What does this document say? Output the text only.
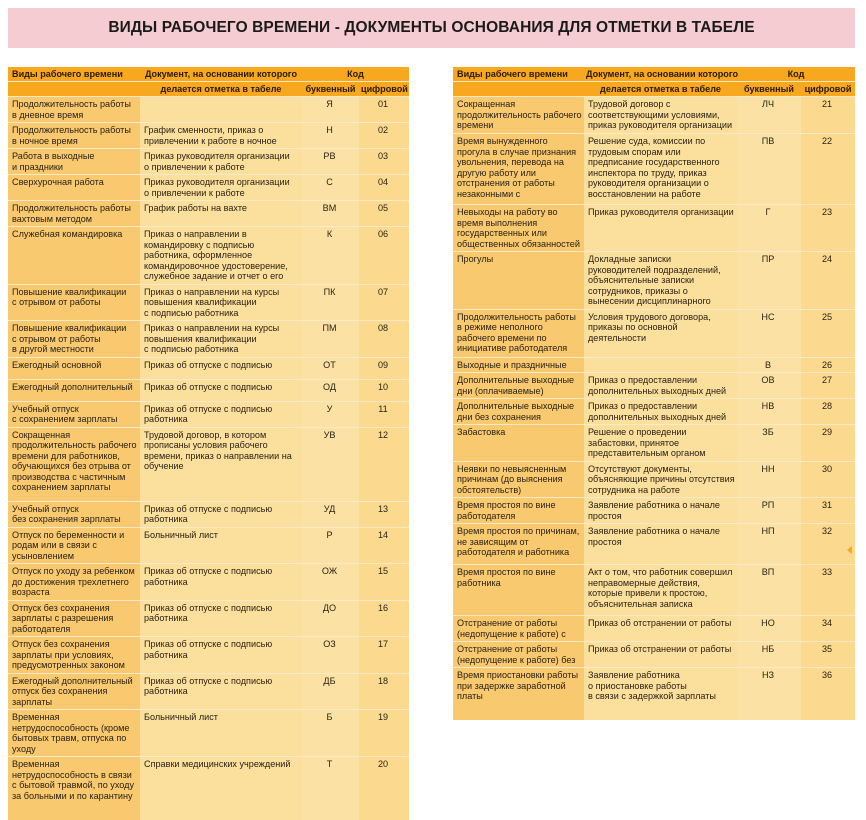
ВИДЫ РАБОЧЕГО ВРЕМЕНИ - ДОКУМЕНТЫ ОСНОВАНИЯ ДЛЯ ОТМЕТКИ В ТАБЕЛЕ
Виды рабочего времени	Документ, на основании которого	Код	
	делается отметка в табеле	буквенный	цифровой

Продолжительность работы
в дневное время		Я	01

Продолжительность работы
в ночное время	График сменности, приказ о привлечении к работе в ночное	Н	02

Работа в выходные
и праздники	Приказ руководителя организации
о привлечении к работе	РВ	03

Сверхурочная работа	Приказ руководителя организации
о привлечении к работе	С	04

Продолжительность работы
вахтовым методом	График работы на вахте	ВМ	05

Служебная командировка	Приказ о направлении в командировку с подписью работника, оформленное командировочное удостоверение, служебное задание и отчет о его	К	06

Повышение квалификации
с отрывом от работы	Приказ о направлении на курсы
повышения квалификации
с подписью работника	ПК	07

Повышение квалификации
с отрывом от работы
в другой местности	Приказ о направлении на курсы
повышения квалификации
с подписью работника	ПМ	08

Ежегодный основной	Приказ об отпуске с подписью	ОТ	09

Ежегодный дополнительный	Приказ об отпуске с подписью	ОД	10

Учебный отпуск
с сохранением зарплаты	Приказ об отпуске с подписью
работника	У	11

Сокращенная продолжительность рабочего времени для работников, обучающихся без отрыва от производства с частичным сохранением зарплаты	Трудовой договор, в котором прописаны условия рабочего времени, приказ о направлении на обучение	УВ	12

Учебный отпуск
без сохранения зарплаты	Приказ об отпуске с подписью
работника	УД	13

Отпуск по беременности и родам или в связи с усыновлением	Больничный лист	Р	14

Отпуск по уходу за ребенком до достижения трехлетнего возраста	Приказ об отпуске с подписью
работника	ОЖ	15

Отпуск без сохранения зарплаты с разрешения работодателя	Приказ об отпуске с подписью
работника	ДО	16

Отпуск без сохранения зарплаты при условиях, предусмотренных законом	Приказ об отпуске с подписью
работника	ОЗ	17

Ежегодный дополнительный отпуск без сохранения зарплаты	Приказ об отпуске с подписью
работника	ДБ	18

Временная нетрудоспособность (кроме бытовых травм, отпуска по уходу	Больничный лист	Б	19

Временная нетрудоспособность в связи с бытовой травмой, по уходу
за больными и по карантину	Справки медицинских учреждений	Т	20

Виды рабочего времени	Документ, на основании которого	Код	
	делается отметка в табеле	буквенный	цифровой

Сокращенная продолжительность рабочего времени	Трудовой договор с соответствующими условиями, приказ руководителя организации	ЛЧ	21

Время вынужденного прогула в случае признания увольнения, перевода на другую работу или отстранения от работы незаконными с	Решение суда, комиссии по трудовым спорам или предписание государственного инспектора по труду, приказ руководителя организации о восстановлении на работе	ПВ	22

Невыходы на работу во время выполнения государственных или общественных обязанностей	Приказ руководителя организации	Г	23

Прогулы	Докладные записки руководителей подразделений, объяснительные записки сотрудников, приказы о вынесении дисциплинарного	ПР	24

Продолжительность работы в режиме неполного рабочего времени по инициативе работодателя	Условия трудового договора, приказы по основной деятельности	НС	25

Выходные и праздничные		В	26

Дополнительные выходные дни (оплачиваемые)	Приказ о предоставлении дополнительных выходных дней	ОВ	27

Дополнительные выходные дни без сохранения	Приказ о предоставлении дополнительных выходных дней	НВ	28

Забастовка	Решение о проведении забастовки, принятое представительным органом	ЗБ	29

Неявки по невыясненным причинам (до выяснения обстоятельств)	Отсутствуют документы, объясняющие причины отсутствия сотрудника на работе	НН	30

Время простоя по вине работодателя	Заявление работника о начале простоя	РП	31

Время простоя по причинам, не зависящим от работодателя и работника	Заявление работника о начале простоя	НП	32

Время простоя по вине работника	Акт о том, что работник совершил неправомерные действия, которые привели к простою, объяснительная записка	ВП	33

Отстранение от работы (недопущение к работе) с	Приказ об отстранении от работы	НО	34

Отстранение от работы (недопущение к работе) без	Приказ об отстранении от работы	НБ	35

Время приостановки работы при задержке заработной платы	Заявление работника
о приостановке работы
в связи с задержкой зарплаты	НЗ	36
